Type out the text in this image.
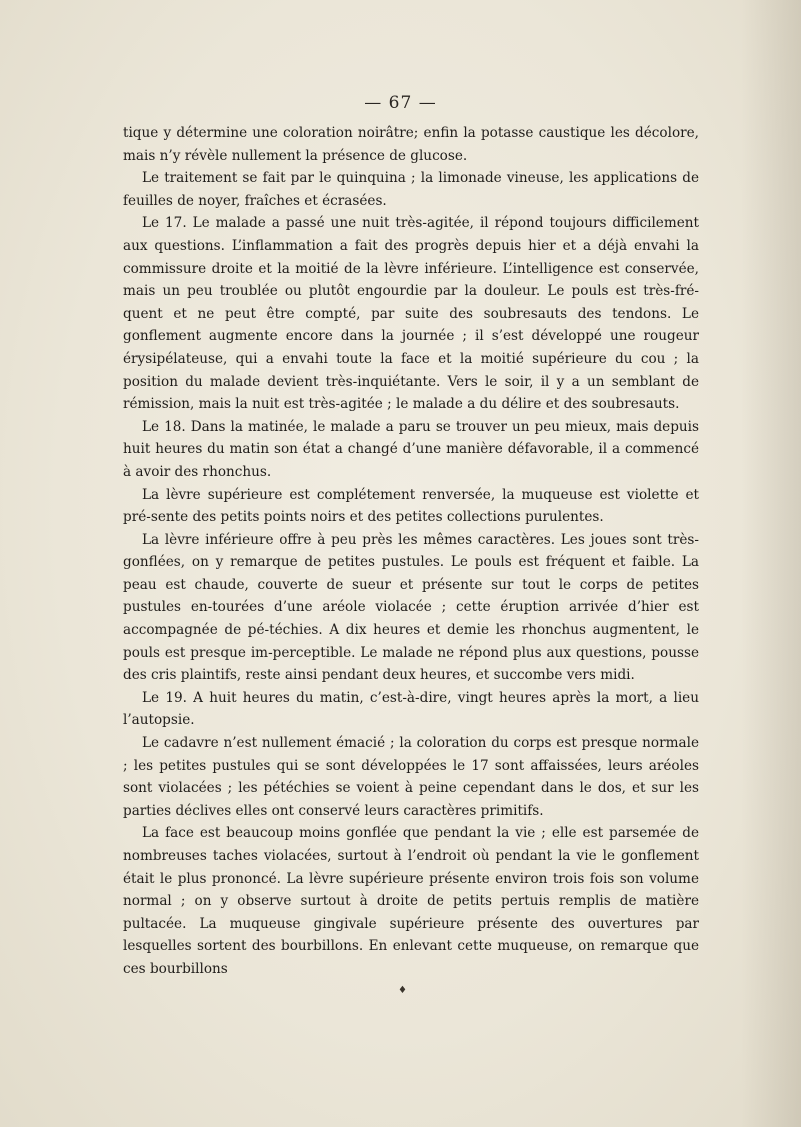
— 67 —

tique y détermine une coloration noirâtre; enfin la potasse caustique les décolore, mais n’y révèle nullement la présence de glucose.

Le traitement se fait par le quinquina ; la limonade vineuse, les applications de feuilles de noyer, fraîches et écrasées.

Le 17. Le malade a passé une nuit très-agitée, il répond toujours difficilement aux questions. L’inflammation a fait des progrès depuis hier et a déjà envahi la commissure droite et la moitié de la lèvre inférieure. L’intelligence est conservée, mais un peu troublée ou plutôt engourdie par la douleur. Le pouls est très-fré-quent et ne peut être compté, par suite des soubresauts des tendons. Le gonflement augmente encore dans la journée ; il s’est développé une rougeur érysipélateuse, qui a envahi toute la face et la moitié supérieure du cou ; la position du malade devient très-inquiétante. Vers le soir, il y a un semblant de rémission, mais la nuit est très-agitée ; le malade a du délire et des soubresauts.

Le 18. Dans la matinée, le malade a paru se trouver un peu mieux, mais depuis huit heures du matin son état a changé d’une manière défavorable, il a commencé à avoir des rhonchus.

La lèvre supérieure est complétement renversée, la muqueuse est violette et pré-sente des petits points noirs et des petites collections purulentes.

La lèvre inférieure offre à peu près les mêmes caractères. Les joues sont très-gonflées, on y remarque de petites pustules. Le pouls est fréquent et faible. La peau est chaude, couverte de sueur et présente sur tout le corps de petites pustules en-tourées d’une aréole violacée ; cette éruption arrivée d’hier est accompagnée de pé-téchies. A dix heures et demie les rhonchus augmentent, le pouls est presque im-perceptible. Le malade ne répond plus aux questions, pousse des cris plaintifs, reste ainsi pendant deux heures, et succombe vers midi.

Le 19. A huit heures du matin, c’est-à-dire, vingt heures après la mort, a lieu l’autopsie.

Le cadavre n’est nullement émacié ; la coloration du corps est presque normale ; les petites pustules qui se sont développées le 17 sont affaissées, leurs aréoles sont violacées ; les pétéchies se voient à peine cependant dans le dos, et sur les parties déclives elles ont conservé leurs caractères primitifs.

La face est beaucoup moins gonflée que pendant la vie ; elle est parsemée de nombreuses taches violacées, surtout à l’endroit où pendant la vie le gonflement était le plus prononcé. La lèvre supérieure présente environ trois fois son volume normal ; on y observe surtout à droite de petits pertuis remplis de matière pultacée. La muqueuse gingivale supérieure présente des ouvertures par lesquelles sortent des bourbillons. En enlevant cette muqueuse, on remarque que ces bourbillons

♦
